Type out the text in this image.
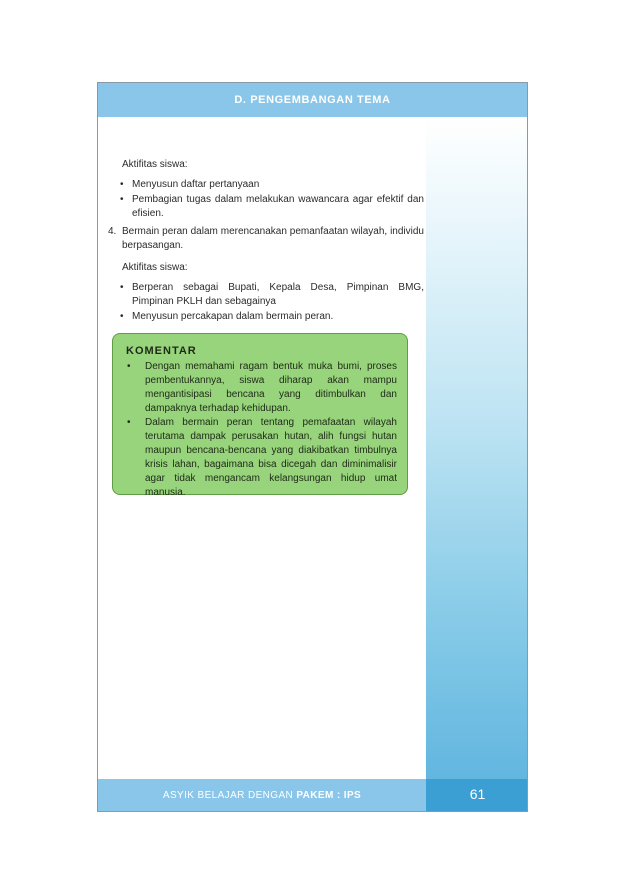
D. PENGEMBANGAN TEMA
Aktifitas siswa:
• Menyusun daftar pertanyaan
• Pembagian tugas dalam melakukan wawancara agar efektif dan efisien.
4. Bermain peran dalam merencanakan pemanfaatan wilayah, individu berpasangan.
Aktifitas siswa:
• Berperan sebagai Bupati, Kepala Desa, Pimpinan BMG, Pimpinan PKLH dan sebagainya
• Menyusun percakapan dalam bermain peran.
KOMENTAR
• Dengan memahami ragam bentuk muka bumi, proses pembentukannya, siswa diharap akan mampu mengantisipasi bencana yang ditimbulkan dan dampaknya terhadap kehidupan.
• Dalam bermain peran tentang pemafaatan wilayah terutama dampak perusakan hutan, alih fungsi hutan maupun bencana-bencana yang diakibatkan timbulnya krisis lahan, bagaimana bisa dicegah dan diminimalisir agar tidak mengancam kelangsungan hidup umat manusia.
ASYIK BELAJAR DENGAN PAKEM : IPS	61
